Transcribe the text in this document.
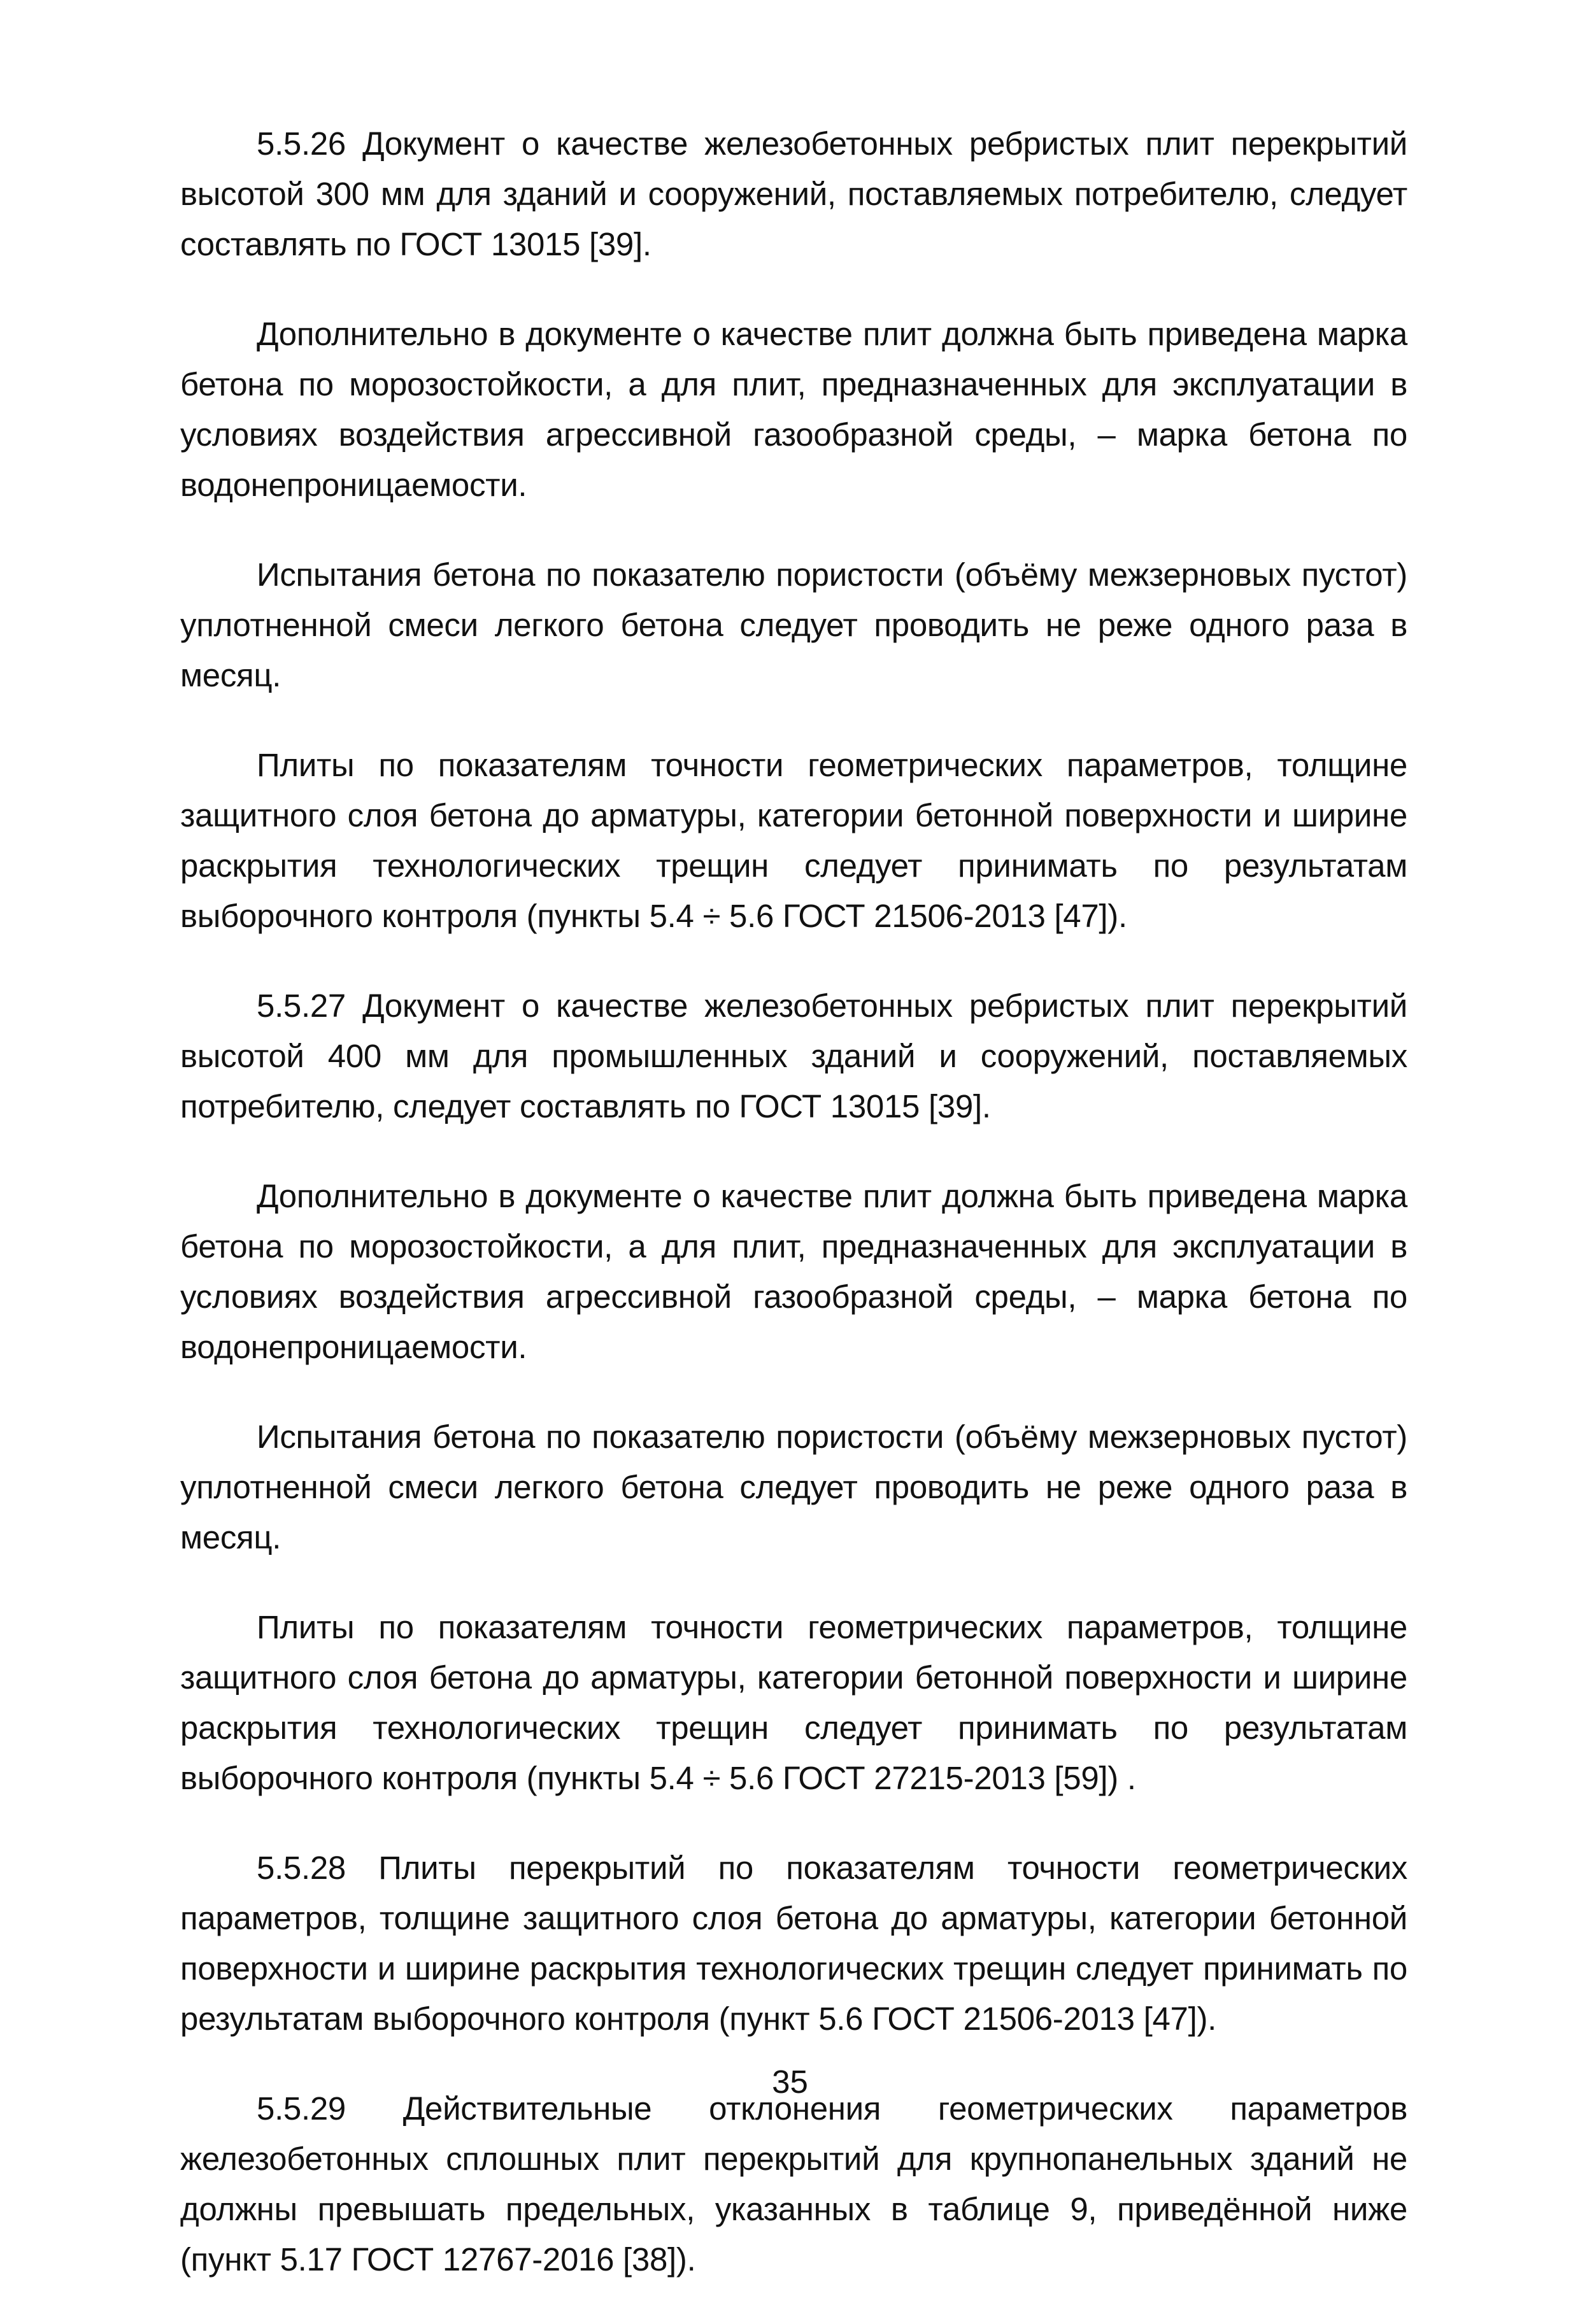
5.5.26 Документ о качестве железобетонных ребристых плит перекрытий высотой 300 мм для зданий и сооружений, поставляемых потребителю, следует составлять по ГОСТ 13015 [39].

Дополнительно в документе о качестве плит должна быть приведена марка бетона по морозостойкости, а для плит, предназначенных для эксплуатации в условиях воздействия агрессивной газообразной среды, – марка бетона по водонепроницаемости.

Испытания бетона по показателю пористости (объёму межзерновых пустот) уплотненной смеси легкого бетона следует проводить не реже одного раза в месяц.

Плиты по показателям точности геометрических параметров, толщине защитного слоя бетона до арматуры, категории бетонной поверхности и ширине раскрытия технологических трещин следует принимать по результатам выборочного контроля (пункты 5.4 ÷ 5.6 ГОСТ 21506-2013 [47]).

5.5.27 Документ о качестве железобетонных ребристых плит перекрытий высотой 400 мм для промышленных зданий и сооружений, поставляемых потребителю, следует составлять по ГОСТ 13015 [39].

Дополнительно в документе о качестве плит должна быть приведена марка бетона по морозостойкости, а для плит, предназначенных для эксплуатации в условиях воздействия агрессивной газообразной среды, – марка бетона по водонепроницаемости.

Испытания бетона по показателю пористости (объёму межзерновых пустот) уплотненной смеси легкого бетона следует проводить не реже одного раза в месяц.

Плиты по показателям точности геометрических параметров, толщине защитного слоя бетона до арматуры, категории бетонной поверхности и ширине раскрытия технологических трещин следует принимать по результатам выборочного контроля (пункты 5.4 ÷ 5.6 ГОСТ 27215-2013 [59]) .

5.5.28 Плиты перекрытий по показателям точности геометрических параметров, толщине защитного слоя бетона до арматуры, категории бетонной поверхности и ширине раскрытия технологических трещин следует принимать по результатам выборочного контроля (пункт 5.6 ГОСТ 21506-2013 [47]).

5.5.29 Действительные отклонения геометрических параметров железобетонных сплошных плит перекрытий для крупнопанельных зданий не должны превышать предельных, указанных в таблице 9, приведённой ниже (пункт 5.17 ГОСТ 12767-2016 [38]).

35
